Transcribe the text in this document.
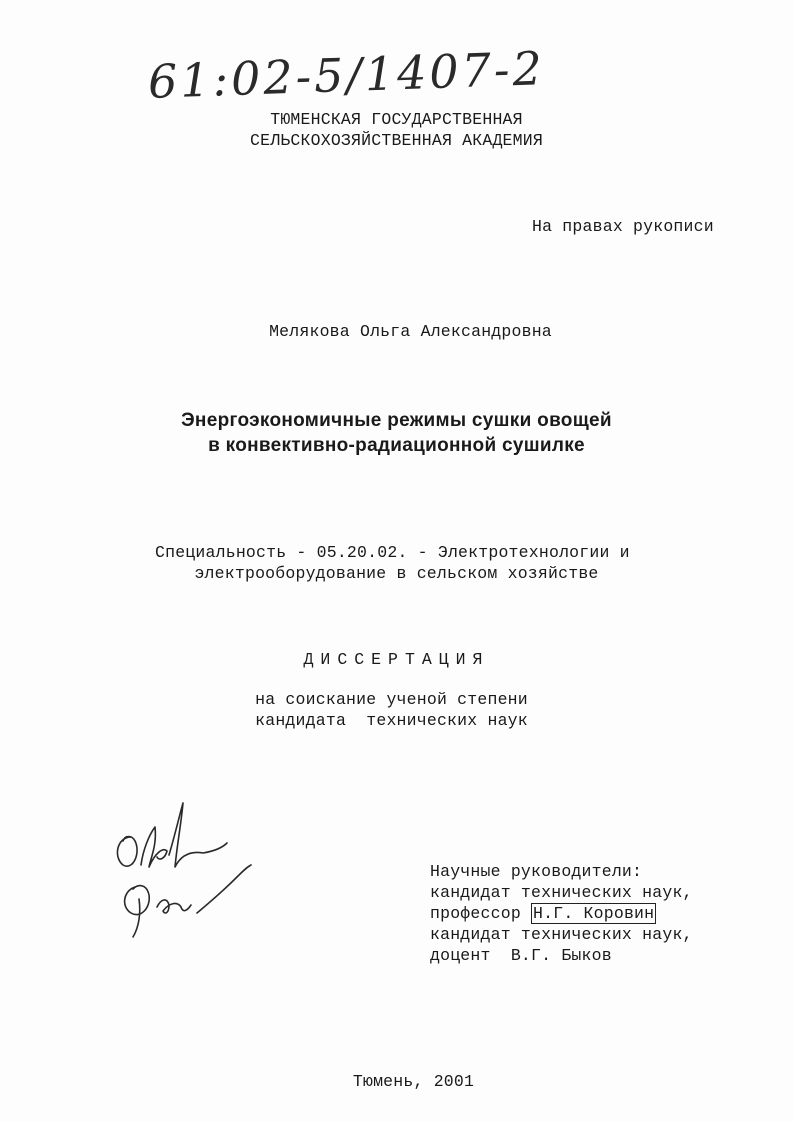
61:02-5/1407-2
ТЮМЕНСКАЯ ГОСУДАРСТВЕННАЯ
СЕЛЬСКОХОЗЯЙСТВЕННАЯ АКАДЕМИЯ
На правах рукописи
Мелякова Ольга Александровна
Энергоэкономичные режимы сушки овощей
в конвективно-радиационной сушилке
Специальность - 05.20.02. - Электротехнологии и
электрооборудование в сельском хозяйстве
ДИССЕРТАЦИЯ
на соискание ученой степени
кандидата  технических наук
Научные руководители:
кандидат технических наук,
профессор Н.Г. Коровин
кандидат технических наук,
доцент  В.Г. Быков
Тюмень, 2001
